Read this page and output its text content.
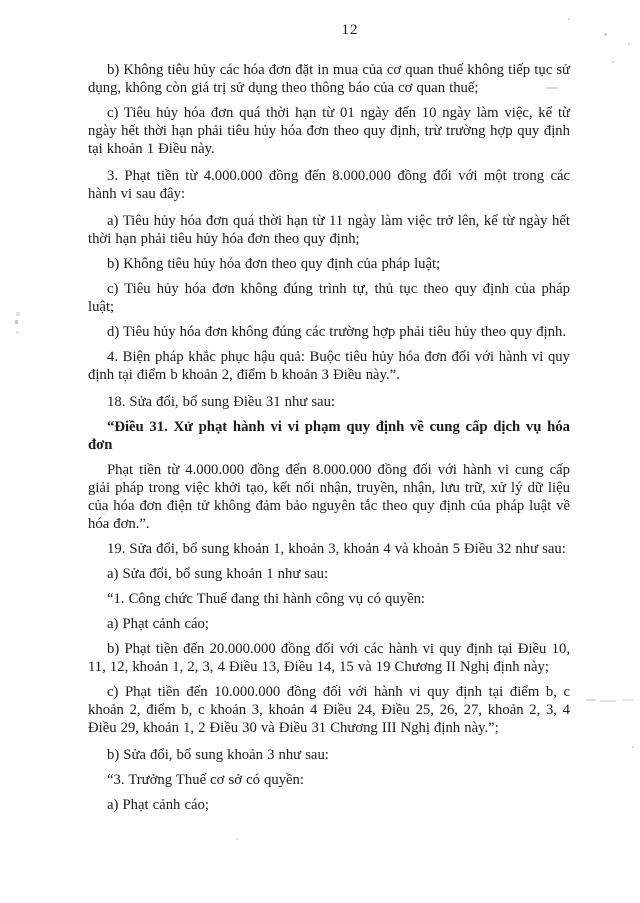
12

b) Không tiêu hủy các hóa đơn đặt in mua của cơ quan thuế không tiếp tục sử dụng, không còn giá trị sử dụng theo thông báo của cơ quan thuế;

c) Tiêu hủy hóa đơn quá thời hạn từ 01 ngày đến 10 ngày làm việc, kể từ ngày hết thời hạn phải tiêu hủy hóa đơn theo quy định, trừ trường hợp quy định tại khoản 1 Điều này.

3. Phạt tiền từ 4.000.000 đồng đến 8.000.000 đồng đối với một trong các hành vi sau đây:

a) Tiêu hủy hóa đơn quá thời hạn từ 11 ngày làm việc trở lên, kể từ ngày hết thời hạn phải tiêu hủy hóa đơn theo quy định;

b) Không tiêu hủy hóa đơn theo quy định của pháp luật;

c) Tiêu hủy hóa đơn không đúng trình tự, thủ tục theo quy định của pháp luật;

d) Tiêu hủy hóa đơn không đúng các trường hợp phải tiêu hủy theo quy định.

4. Biện pháp khắc phục hậu quả: Buộc tiêu hủy hóa đơn đối với hành vi quy định tại điểm b khoản 2, điểm b khoản 3 Điều này.”.

18. Sửa đổi, bổ sung Điều 31 như sau:

“Điều 31. Xử phạt hành vi vi phạm quy định về cung cấp dịch vụ hóa đơn

Phạt tiền từ 4.000.000 đồng đến 8.000.000 đồng đối với hành vi cung cấp giải pháp trong việc khởi tạo, kết nối nhận, truyền, nhận, lưu trữ, xử lý dữ liệu của hóa đơn điện tử không đảm bảo nguyên tắc theo quy định của pháp luật về hóa đơn.”.

19. Sửa đổi, bổ sung khoản 1, khoản 3, khoản 4 và khoản 5 Điều 32 như sau:

a) Sửa đổi, bổ sung khoản 1 như sau:

“1. Công chức Thuế đang thi hành công vụ có quyền:

a) Phạt cảnh cáo;

b) Phạt tiền đến 20.000.000 đồng đối với các hành vi quy định tại Điều 10, 11, 12, khoản 1, 2, 3, 4 Điều 13, Điều 14, 15 và 19 Chương II Nghị định này;

c) Phạt tiền đến 10.000.000 đồng đối với hành vi quy định tại điểm b, c khoản 2, điểm b, c khoản 3, khoản 4 Điều 24, Điều 25, 26, 27, khoản 2, 3, 4 Điều 29, khoản 1, 2 Điều 30 và Điều 31 Chương III Nghị định này.”;

b) Sửa đổi, bổ sung khoản 3 như sau:

“3. Trưởng Thuế cơ sở có quyền:

a) Phạt cảnh cáo;
